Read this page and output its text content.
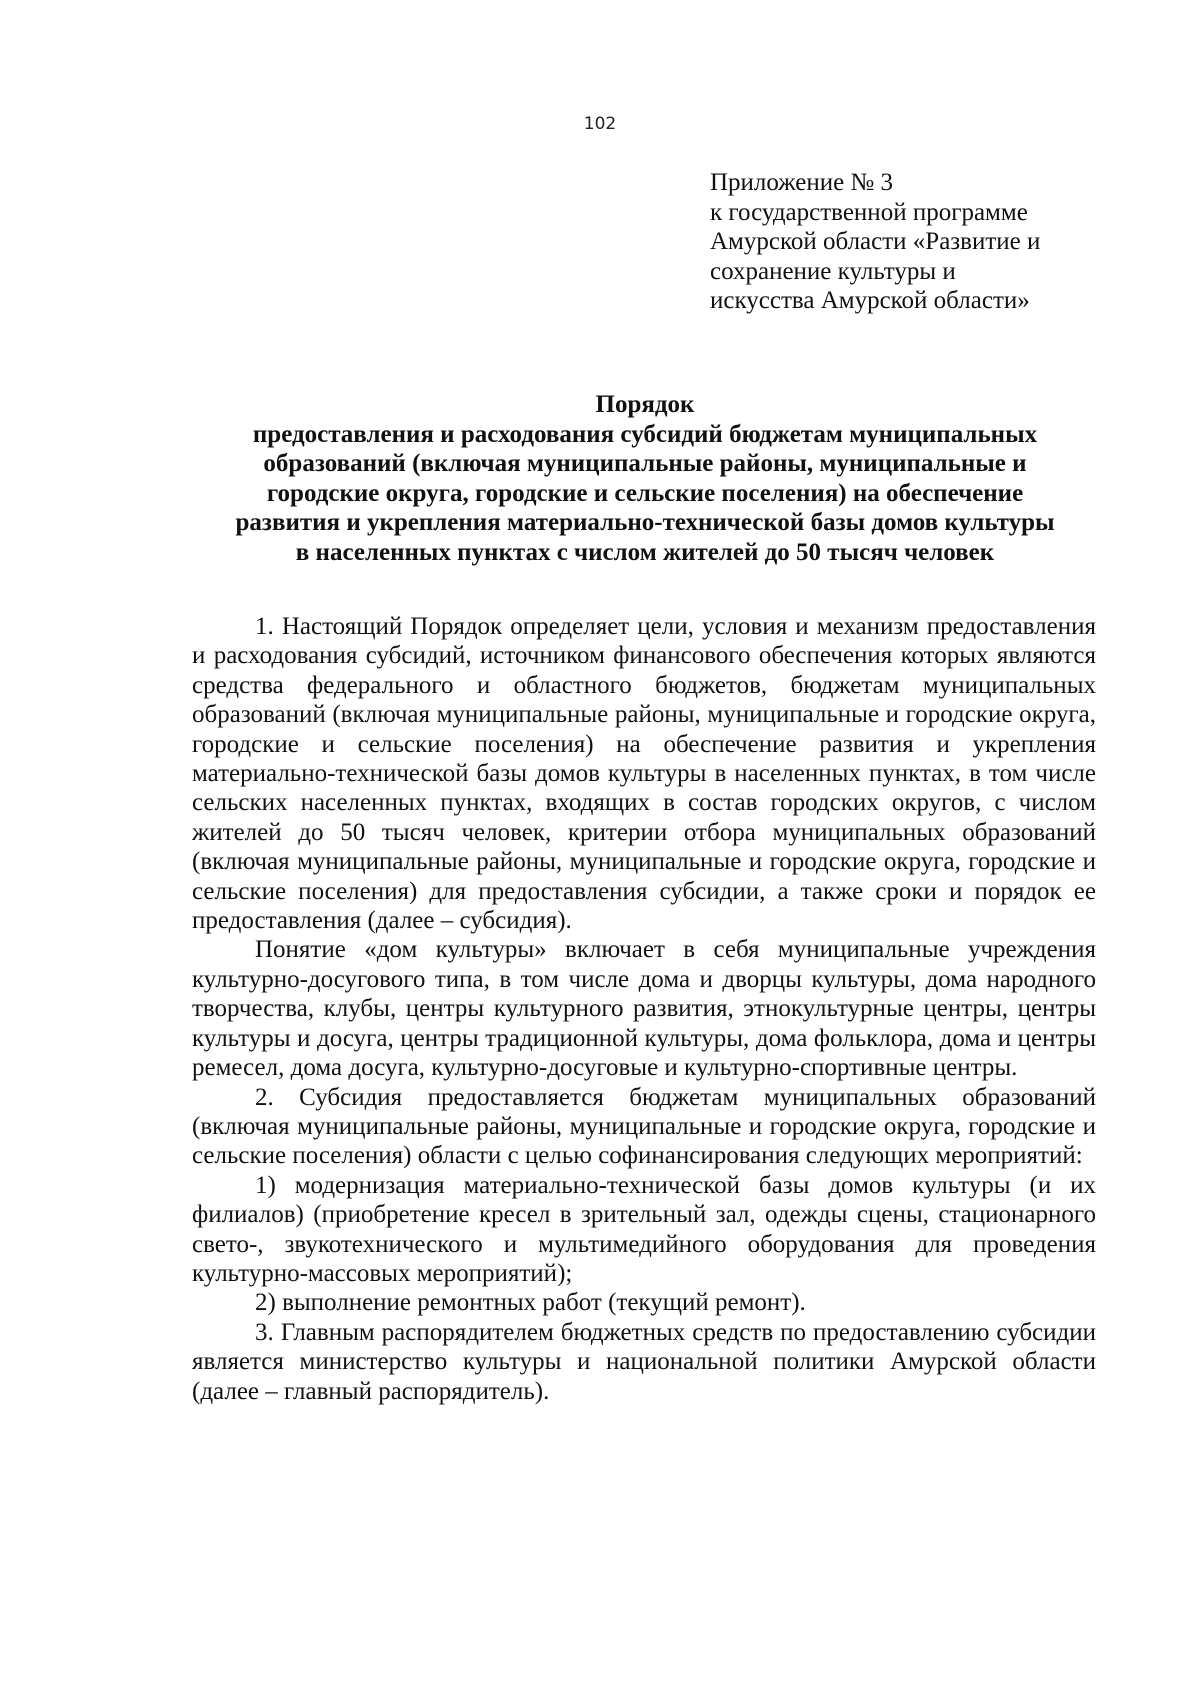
102
Приложение № 3
к государственной программе
Амурской области «Развитие и
сохранение культуры и
искусства Амурской области»
Порядок
предоставления и расходования субсидий бюджетам муниципальных
образований (включая муниципальные районы, муниципальные и
городские округа, городские и сельские поселения) на обеспечение
развития и укрепления материально-технической базы домов культуры
в населенных пунктах с числом жителей до 50 тысяч человек

1. Настоящий Порядок определяет цели, условия и механизм предоставления и расходования субсидий, источником финансового обеспечения которых являются средства федерального и областного бюджетов, бюджетам муниципальных образований (включая муниципальные районы, муниципальные и городские округа, городские и сельские поселения) на обеспечение развития и укрепления материально-технической базы домов культуры в населенных пунктах, в том числе сельских населенных пунктах, входящих в состав городских округов, с числом жителей до 50 тысяч человек, критерии отбора муниципальных образований (включая муниципальные районы, муниципальные и городские округа, городские и сельские поселения) для предоставления субсидии, а также сроки и порядок ее предоставления (далее – субсидия).

Понятие «дом культуры» включает в себя муниципальные учреждения культурно-досугового типа, в том числе дома и дворцы культуры, дома народного творчества, клубы, центры культурного развития, этнокультурные центры, центры культуры и досуга, центры традиционной культуры, дома фольклора, дома и центры ремесел, дома досуга, культурно-досуговые и культурно-спортивные центры.

2. Субсидия предоставляется бюджетам муниципальных образований (включая муниципальные районы, муниципальные и городские округа, городские и сельские поселения) области с целью софинансирования следующих мероприятий:

1) модернизация материально-технической базы домов культуры (и их филиалов) (приобретение кресел в зрительный зал, одежды сцены, стационарного свето-, звукотехнического и мультимедийного оборудования для проведения культурно-массовых мероприятий);

2) выполнение ремонтных работ (текущий ремонт).

3. Главным распорядителем бюджетных средств по предоставлению субсидии является министерство культуры и национальной политики Амурской области (далее – главный распорядитель).
